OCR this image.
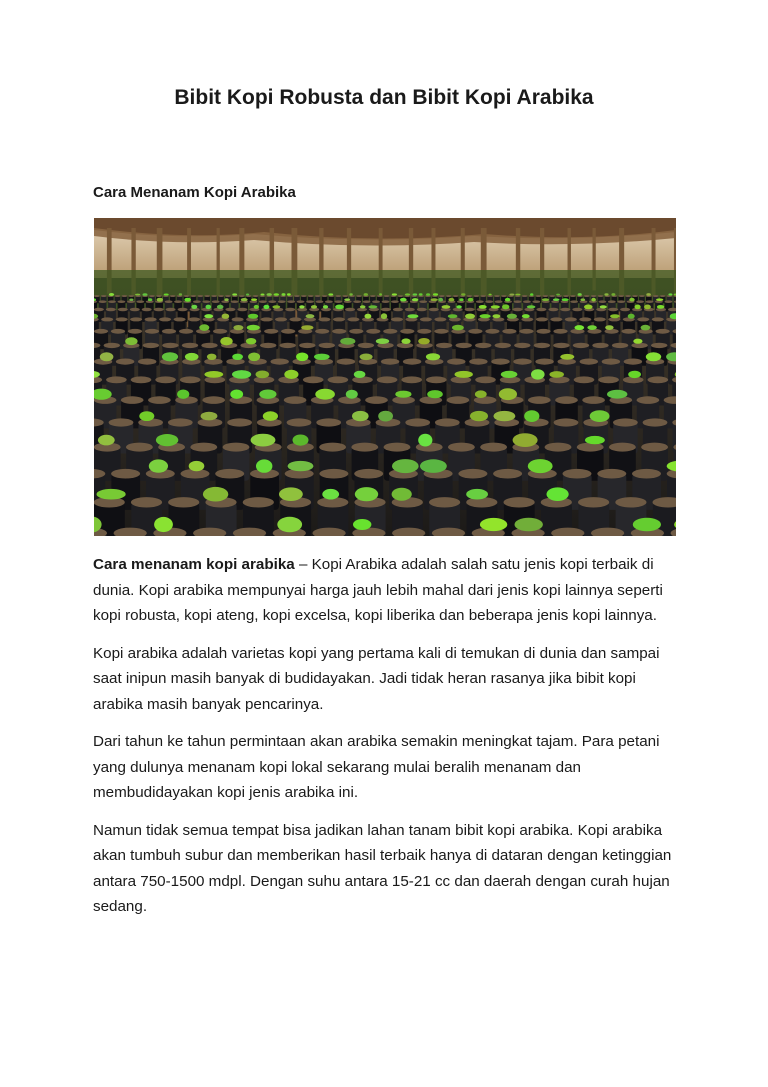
Bibit Kopi Robusta dan Bibit Kopi Arabika
Cara Menanam Kopi Arabika

Cara menanam kopi arabika – Kopi Arabika adalah salah satu jenis kopi terbaik di dunia. Kopi arabika mempunyai harga jauh lebih mahal dari jenis kopi lainnya seperti kopi robusta, kopi ateng, kopi excelsa, kopi liberika dan beberapa jenis kopi lainnya.

Kopi arabika adalah varietas kopi yang pertama kali di temukan di dunia dan sampai saat inipun masih banyak di budidayakan. Jadi tidak heran rasanya jika bibit kopi arabika masih banyak pencarinya.

Dari tahun ke tahun permintaan akan arabika semakin meningkat tajam. Para petani yang dulunya menanam kopi lokal sekarang mulai beralih menanam dan membudidayakan kopi jenis arabika ini.

Namun tidak semua tempat bisa jadikan lahan tanam bibit kopi arabika. Kopi arabika akan tumbuh subur dan memberikan hasil terbaik hanya di dataran dengan ketinggian antara 750-1500 mdpl. Dengan suhu antara 15-21 cc dan daerah dengan curah hujan sedang.
